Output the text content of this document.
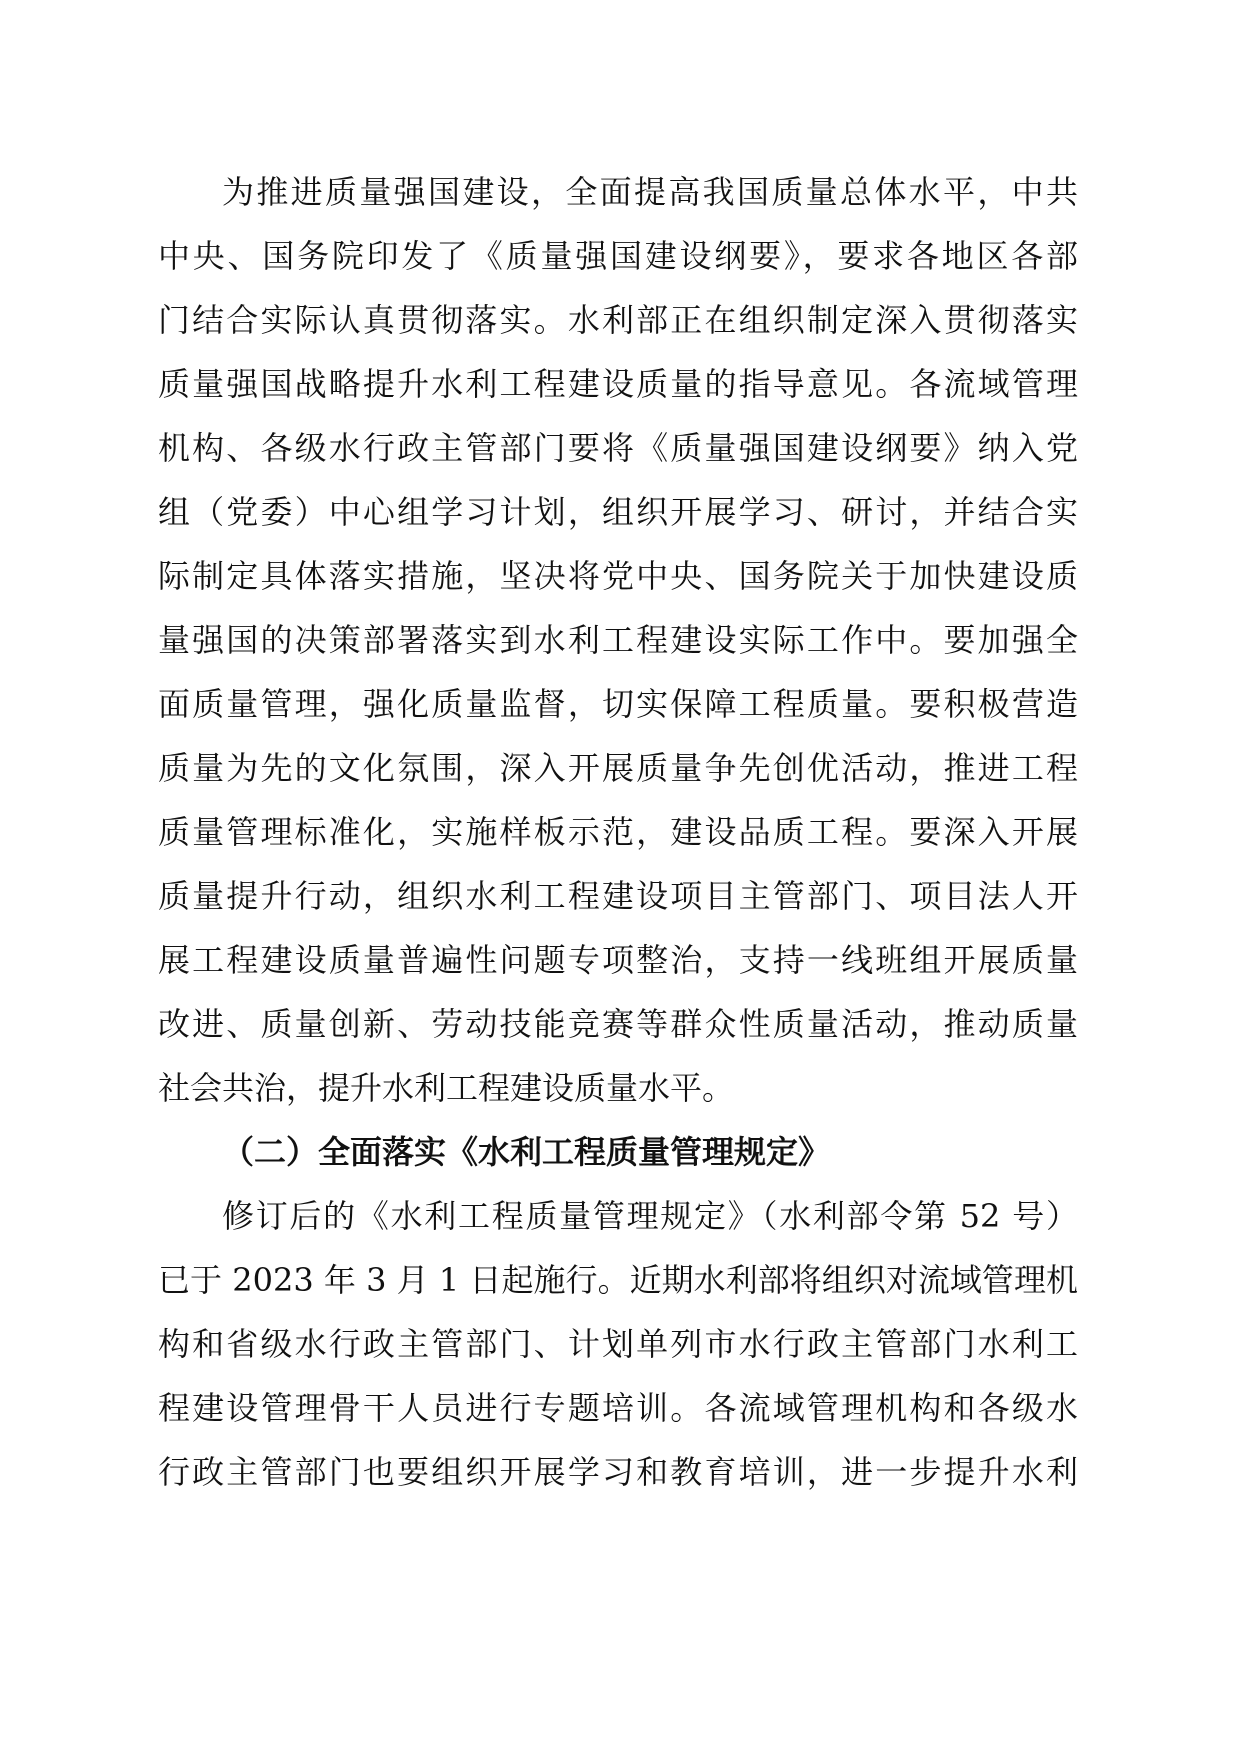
为推进质量强国建设，全面提高我国质量总体水平，中共

中央、国务院印发了《质量强国建设纲要》，要求各地区各部

门结合实际认真贯彻落实。水利部正在组织制定深入贯彻落实

质量强国战略提升水利工程建设质量的指导意见。各流域管理

机构、各级水行政主管部门要将《质量强国建设纲要》纳入党

组（党委）中心组学习计划，组织开展学习、研讨，并结合实

际制定具体落实措施，坚决将党中央、国务院关于加快建设质

量强国的决策部署落实到水利工程建设实际工作中。要加强全

面质量管理，强化质量监督，切实保障工程质量。要积极营造

质量为先的文化氛围，深入开展质量争先创优活动，推进工程

质量管理标准化，实施样板示范，建设品质工程。要深入开展

质量提升行动，组织水利工程建设项目主管部门、项目法人开

展工程建设质量普遍性问题专项整治，支持一线班组开展质量

改进、质量创新、劳动技能竞赛等群众性质量活动，推动质量

社会共治，提升水利工程建设质量水平。

（二）全面落实《水利工程质量管理规定》

修订后的《水利工程质量管理规定》（水利部令第 52 号）

已于 2023 年 3 月 1 日起施行。近期水利部将组织对流域管理机

构和省级水行政主管部门、计划单列市水行政主管部门水利工

程建设管理骨干人员进行专题培训。各流域管理机构和各级水

行政主管部门也要组织开展学习和教育培训，进一步提升水利
